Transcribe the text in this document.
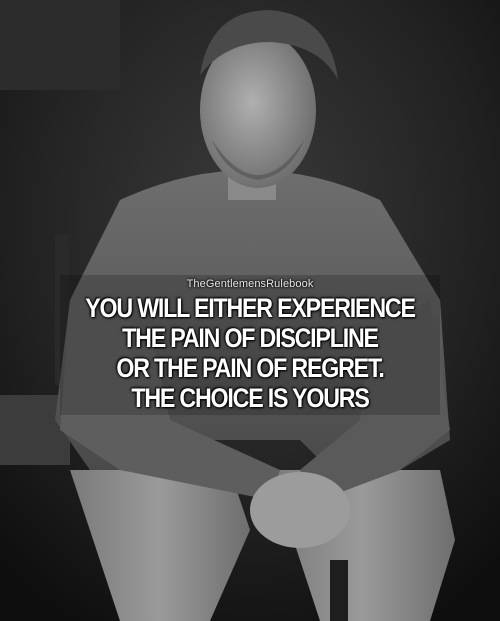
TheGentlemensRulebook
YOU WILL EITHER EXPERIENCE
THE PAIN OF DISCIPLINE
OR THE PAIN OF REGRET.
THE CHOICE IS YOURS
